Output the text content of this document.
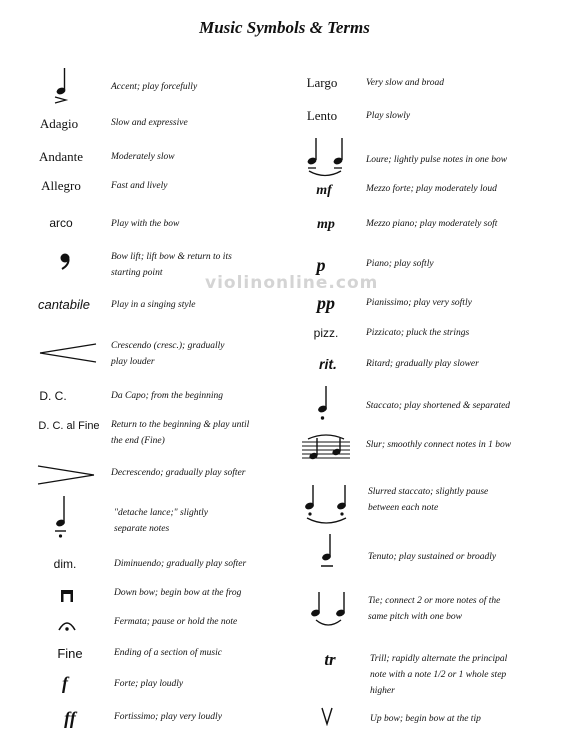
Music Symbols & Terms
violinonline.com
Accent; play forcefully
Adagio	Slow and expressive
Andante	Moderately slow
Allegro	Fast and lively
arco	Play with the bow
Bow lift; lift bow & return to its
starting point
cantabile	Play in a singing style
Crescendo (cresc.); gradually
play louder
D. C.	Da Capo; from the beginning
D. C. al Fine	Return to the beginning & play until
the end (Fine)
Decrescendo; gradually play softer
"detache lance;" slightly
separate notes
dim.	Diminuendo; gradually play softer
Down bow; begin bow at the frog
Fermata; pause or hold the note
Fine	Ending of a section of music
f	Forte; play loudly
ff	Fortissimo; play very loudly
Largo	Very slow and broad
Lento	Play slowly
Loure; lightly pulse notes in one bow
mf	Mezzo forte; play moderately loud
mp	Mezzo piano; play moderately soft
p	Piano; play softly
pp	Pianissimo; play very softly
pizz.	Pizzicato; pluck the strings
rit.	Ritard; gradually play slower
Staccato; play shortened & separated
Slur; smoothly connect notes in 1 bow
Slurred staccato; slightly pause
between each note
Tenuto; play sustained or broadly
Tie; connect 2 or more notes of the
same pitch with one bow
tr	Trill; rapidly alternate the principal
note with a note 1/2 or 1 whole step
higher
Up bow; begin bow at the tip
